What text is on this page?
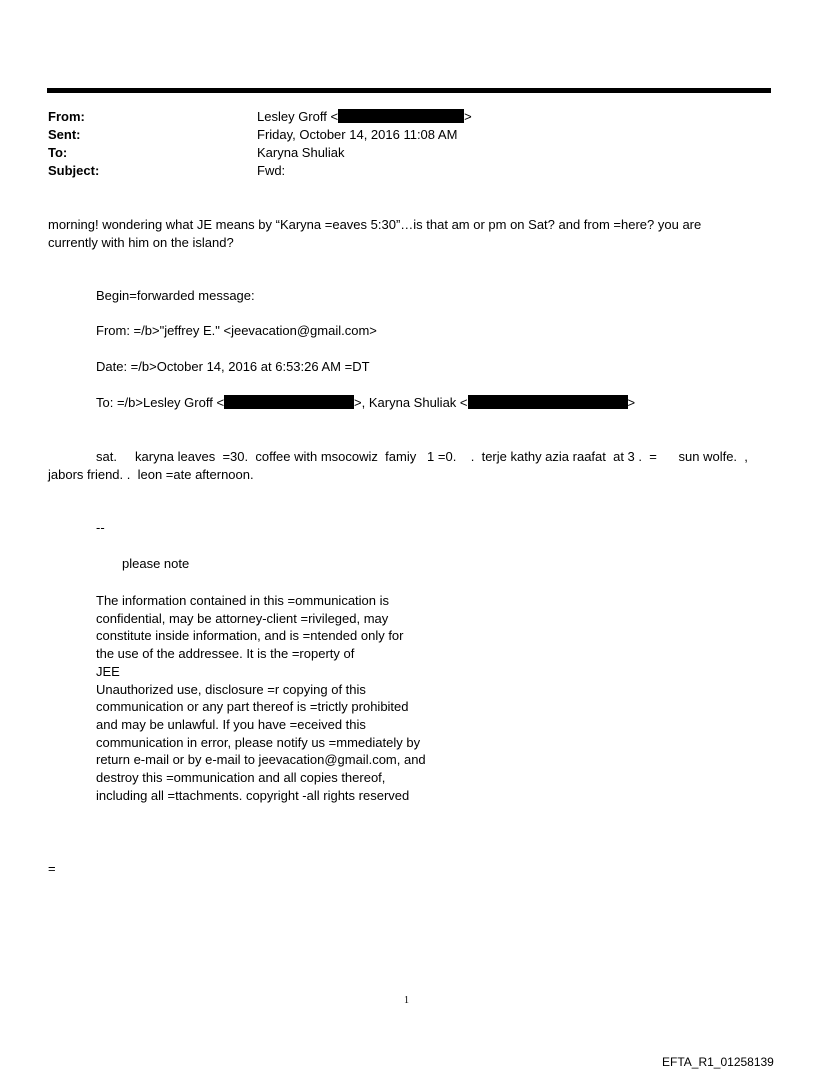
From:	Lesley Groff <	>
Sent:	Friday, October 14, 2016 11:08 AM
To:	Karyna Shuliak
Subject:	Fwd:
morning! wondering what JE means by “Karyna =eaves 5:30”…is that am or pm on Sat? and from =here? you are
currently with him on the island?
Begin=forwarded message:
From: =/b>"jeffrey E." <jeevacation@gmail.com>
Date: =/b>October 14, 2016 at 6:53:26 AM =DT
To: =/b>Lesley Groff <	>, Karyna Shuliak <	>
sat.     karyna leaves  =30.  coffee with msocowiz  famiy   1 =0.    .  terje kathy azia raafat  at 3 .  =      sun wolfe.  ,
jabors friend. .  leon =ate afternoon.
--
please note
The information contained in this =ommunication is
confidential, may be attorney-client =rivileged, may
constitute inside information, and is =ntended only for
the use of the addressee. It is the =roperty of
JEE
Unauthorized use, disclosure =r copying of this
communication or any part thereof is =trictly prohibited
and may be unlawful. If you have =eceived this
communication in error, please notify us =mmediately by
return e-mail or by e-mail to jeevacation@gmail.com, and
destroy this =ommunication and all copies thereof,
including all =ttachments. copyright -all rights reserved
=
1
EFTA_R1_01258139
